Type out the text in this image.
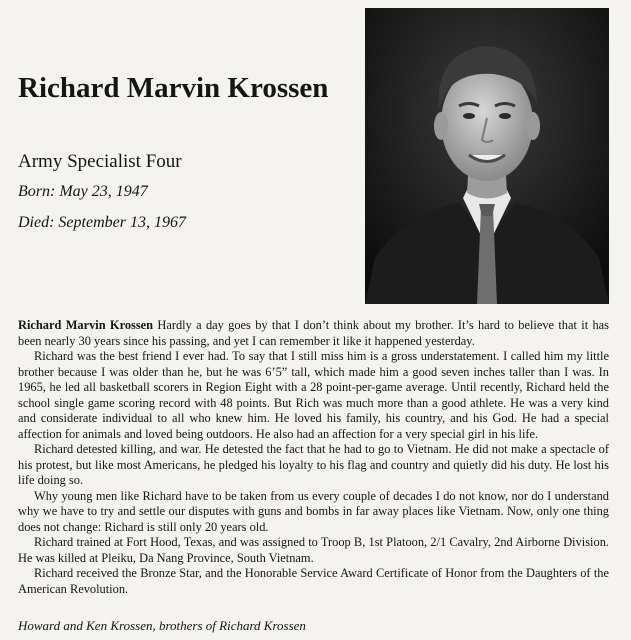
Richard Marvin Krossen
Army Specialist Four
Born: May 23, 1947
Died: September 13, 1967

Richard Marvin Krossen Hardly a day goes by that I don’t think about my brother. It’s hard to believe that it has been nearly 30 years since his passing, and yet I can remember it like it happened yesterday.

Richard was the best friend I ever had. To say that I still miss him is a gross understatement. I called him my little brother because I was older than he, but he was 6’5” tall, which made him a good seven inches taller than I was. In 1965, he led all basketball scorers in Region Eight with a 28 point-per-game average. Until recently, Richard held the school single game scoring record with 48 points. But Rich was much more than a good athlete. He was a very kind and considerate individual to all who knew him. He loved his family, his country, and his God. He had a special affection for animals and loved being outdoors. He also had an affection for a very special girl in his life.

Richard detested killing, and war. He detested the fact that he had to go to Vietnam. He did not make a spectacle of his protest, but like most Americans, he pledged his loyalty to his flag and country and quietly did his duty. He lost his life doing so.

Why young men like Richard have to be taken from us every couple of decades I do not know, nor do I understand why we have to try and settle our disputes with guns and bombs in far away places like Vietnam. Now, only one thing does not change: Richard is still only 20 years old.

Richard trained at Fort Hood, Texas, and was assigned to Troop B, 1st Platoon, 2/1 Cavalry, 2nd Airborne Division. He was killed at Pleiku, Da Nang Province, South Vietnam.

Richard received the Bronze Star, and the Honorable Service Award Certificate of Honor from the Daughters of the American Revolution.

Howard and Ken Krossen, brothers of Richard Krossen
